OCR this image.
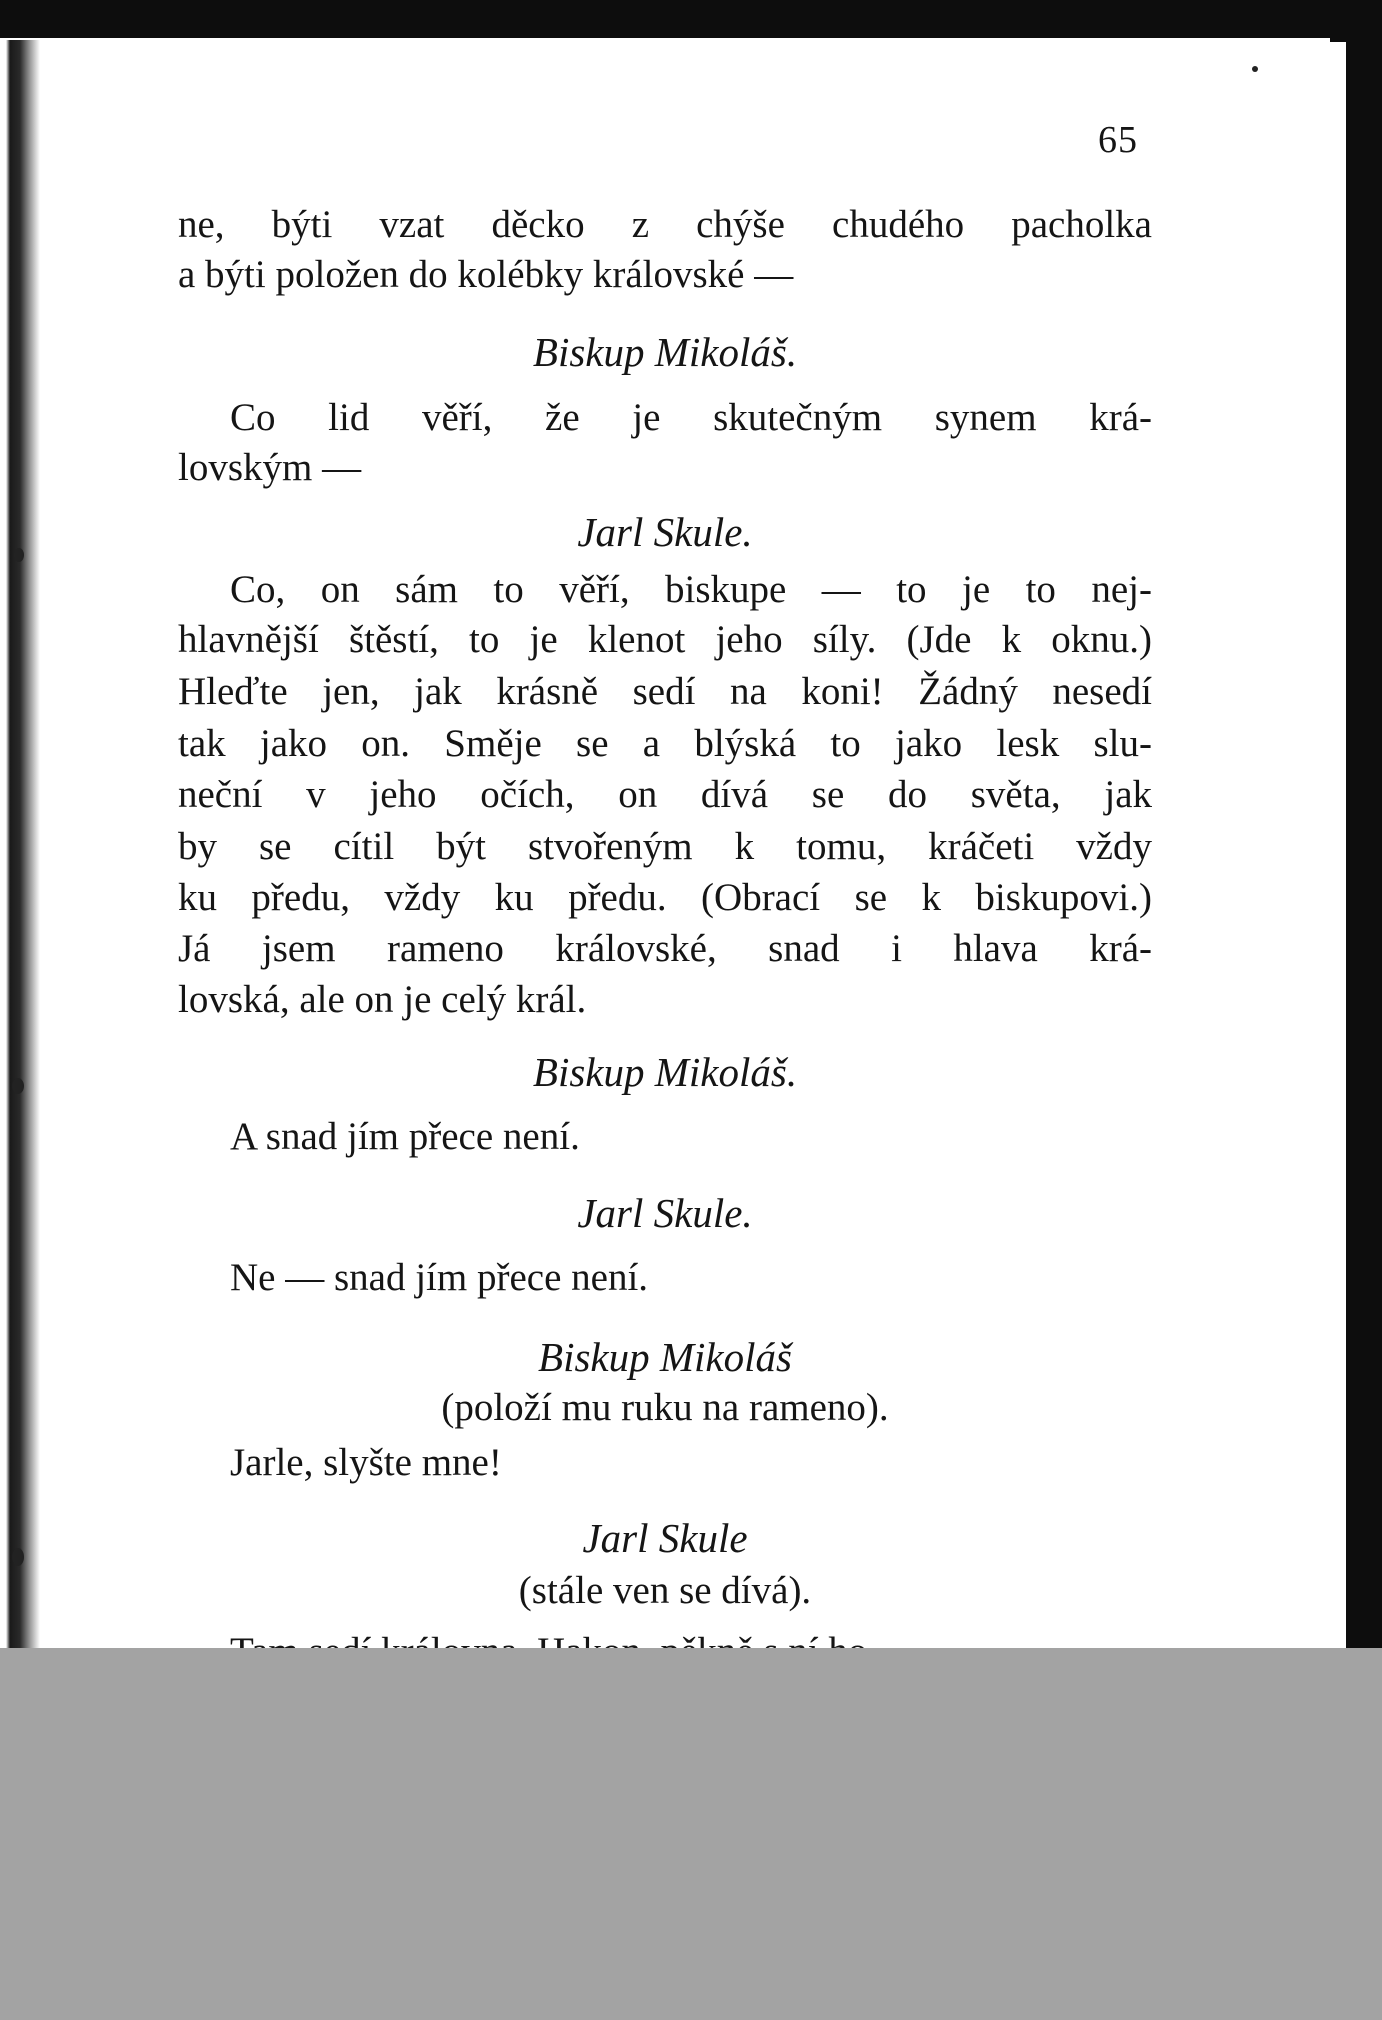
65
ne, býti vzat děcko z chýše chudého pacholka
a býti položen do kolébky královské —
Biskup Mikoláš.
Co lid věří, že je skutečným synem krá-
lovským —
Jarl Skule.
Co, on sám to věří, biskupe — to je to nej-
hlavnější štěstí, to je klenot jeho síly. (Jde k oknu.)
Hleďte jen, jak krásně sedí na koni! Žádný nesedí
tak jako on. Směje se a blýská to jako lesk slu-
neční v jeho očích, on dívá se do světa, jak
by se cítil být stvořeným k tomu, kráčeti vždy
ku předu, vždy ku předu. (Obrací se k biskupovi.)
Já jsem rameno královské, snad i hlava krá-
lovská, ale on je celý král.
Biskup Mikoláš.
A snad jím přece není.
Jarl Skule.
Ne — snad jím přece není.
Biskup Mikoláš
(položí mu ruku na rameno).
Jarle, slyšte mne!
Jarl Skule
(stále ven se dívá).
